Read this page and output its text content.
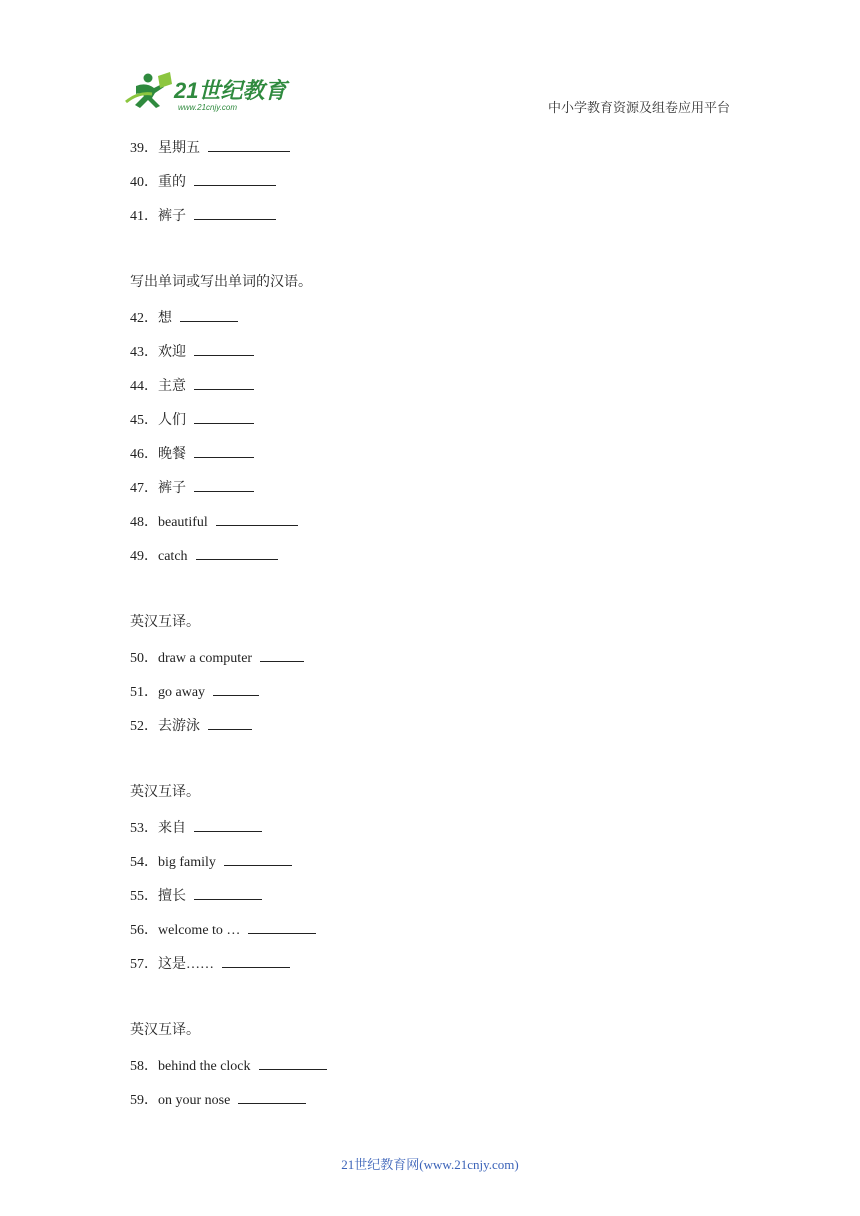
21世纪教育
www.21cnjy.com	中小学教育资源及组卷应用平台
39．星期五
40．重的
41．裤子
写出单词或写出单词的汉语。
42．想
43．欢迎
44．主意
45．人们
46．晚餐
47．裤子
48．beautiful
49．catch
英汉互译。
50．draw a computer
51．go away
52．去游泳
英汉互译。
53．来自
54．big family
55．擅长
56．welcome to …
57．这是……
英汉互译。
58．behind the clock
59．on your nose
21世纪教育网(www.21cnjy.com)
